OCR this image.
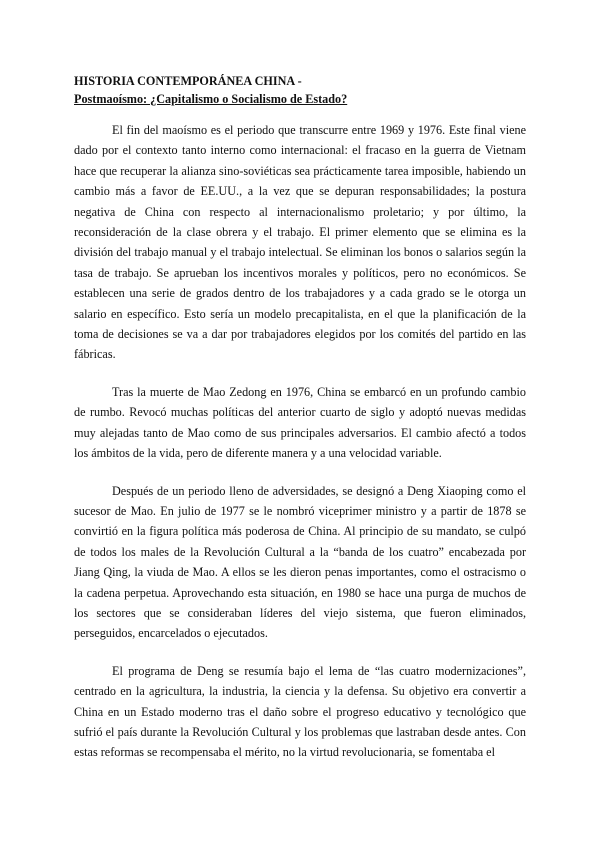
HISTORIA CONTEMPORÁNEA CHINA -
Postmaoísmo: ¿Capitalismo o Socialismo de Estado?

El fin del maoísmo es el periodo que transcurre entre 1969 y 1976. Este final viene dado por el contexto tanto interno como internacional: el fracaso en la guerra de Vietnam hace que recuperar la alianza sino-soviéticas sea prácticamente tarea imposible, habiendo un cambio más a favor de EE.UU., a la vez que se depuran responsabilidades; la postura negativa de China con respecto al internacionalismo proletario; y por último, la reconsideración de la clase obrera y el trabajo. El primer elemento que se elimina es la división del trabajo manual y el trabajo intelectual. Se eliminan los bonos o salarios según la tasa de trabajo. Se aprueban los incentivos morales y políticos, pero no económicos. Se establecen una serie de grados dentro de los trabajadores y a cada grado se le otorga un salario en específico. Esto sería un modelo precapitalista, en el que la planificación de la toma de decisiones se va a dar por trabajadores elegidos por los comités del partido en las fábricas.

Tras la muerte de Mao Zedong en 1976, China se embarcó en un profundo cambio de rumbo. Revocó muchas políticas del anterior cuarto de siglo y adoptó nuevas medidas muy alejadas tanto de Mao como de sus principales adversarios. El cambio afectó a todos los ámbitos de la vida, pero de diferente manera y a una velocidad variable.

Después de un periodo lleno de adversidades, se designó a Deng Xiaoping como el sucesor de Mao. En julio de 1977 se le nombró viceprimer ministro y a partir de 1878 se convirtió en la figura política más poderosa de China. Al principio de su mandato, se culpó de todos los males de la Revolución Cultural a la “banda de los cuatro” encabezada por Jiang Qing, la viuda de Mao. A ellos se les dieron penas importantes, como el ostracismo o la cadena perpetua. Aprovechando esta situación, en 1980 se hace una purga de muchos de los sectores que se consideraban líderes del viejo sistema, que fueron eliminados, perseguidos, encarcelados o ejecutados.

El programa de Deng se resumía bajo el lema de “las cuatro modernizaciones”, centrado en la agricultura, la industria, la ciencia y la defensa. Su objetivo era convertir a China en un Estado moderno tras el daño sobre el progreso educativo y tecnológico que sufrió el país durante la Revolución Cultural y los problemas que lastraban desde antes. Con estas reformas se recompensaba el mérito, no la virtud revolucionaria, se fomentaba el
